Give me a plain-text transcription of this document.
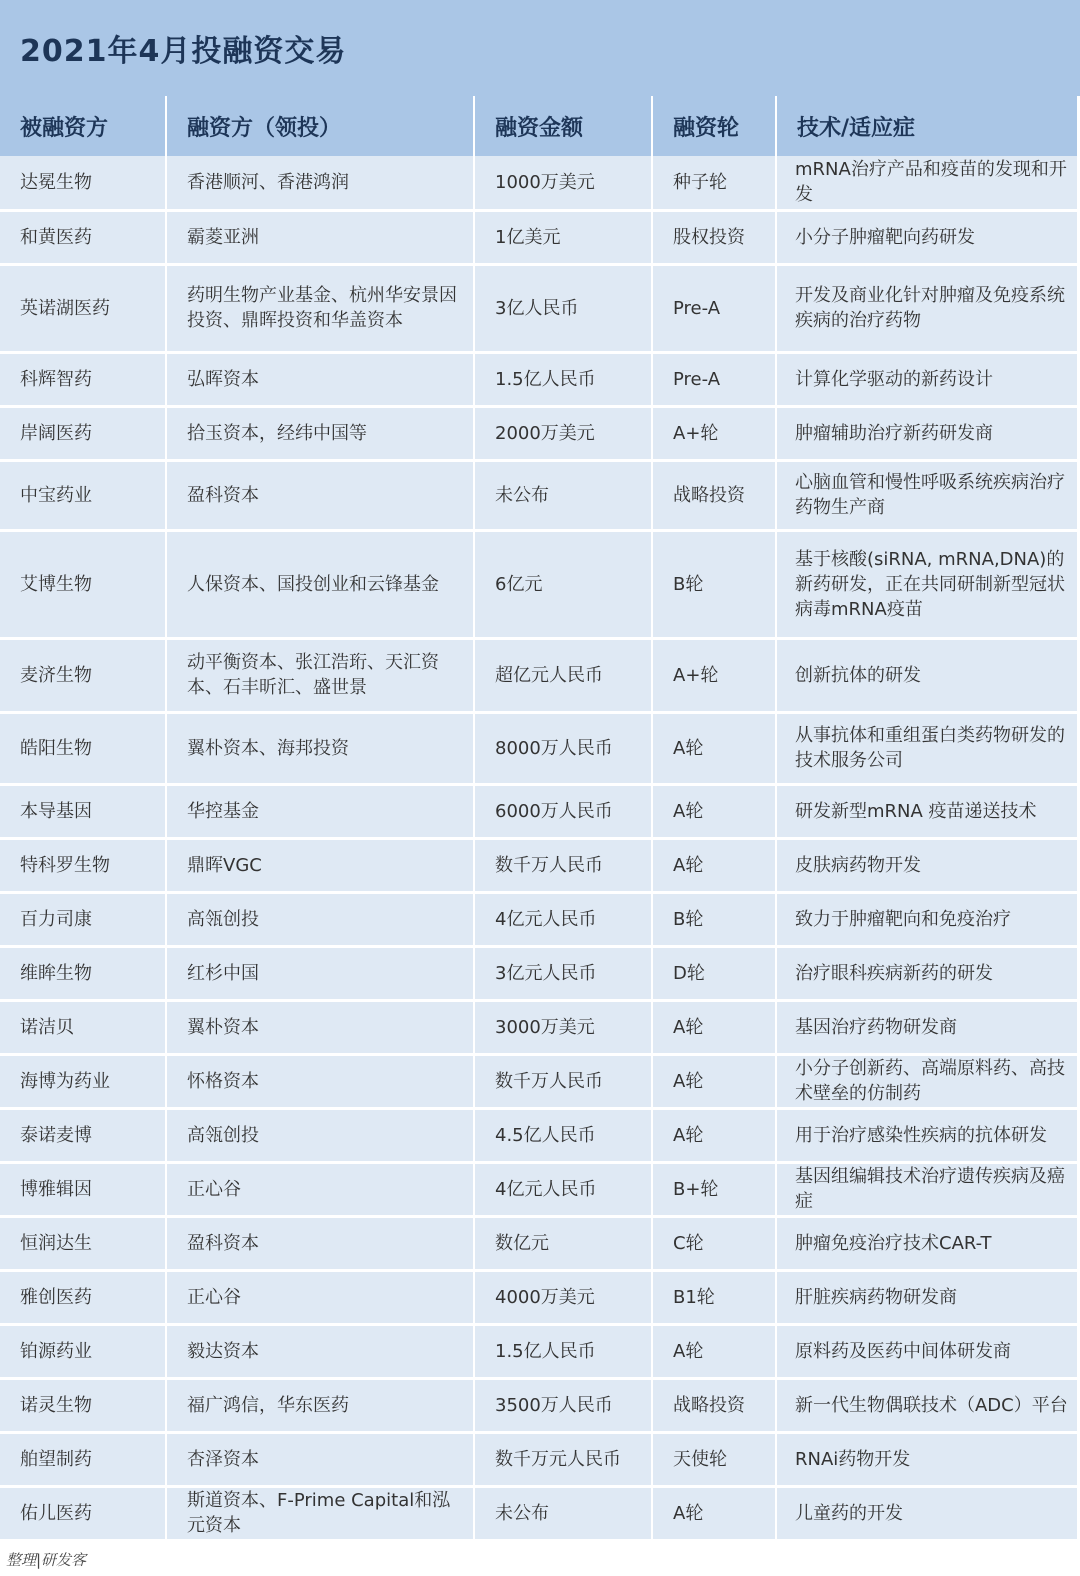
2021年4月投融资交易
被融资方	融资方（领投）	融资金额	融资轮	技术/适应症
达冕生物	香港顺河、香港鸿润	1000万美元	种子轮	mRNA治疗产品和疫苗的发现和开发
和黄医药	霸菱亚洲	1亿美元	股权投资	小分子肿瘤靶向药研发
英诺湖医药	药明生物产业基金、杭州华安景因投资、鼎晖投资和华盖资本	3亿人民币	Pre-A	开发及商业化针对肿瘤及免疫系统疾病的治疗药物
科辉智药	弘晖资本	1.5亿人民币	Pre-A	计算化学驱动的新药设计
岸阔医药	拾玉资本，经纬中国等	2000万美元	A+轮	肿瘤辅助治疗新药研发商
中宝药业	盈科资本	未公布	战略投资	心脑血管和慢性呼吸系统疾病治疗药物生产商
艾博生物	人保资本、国投创业和云锋基金	6亿元	B轮	基于核酸(siRNA, mRNA,DNA)的新药研发，正在共同研制新型冠状病毒mRNA疫苗
麦济生物	动平衡资本、张江浩珩、天汇资本、石丰昕汇、盛世景	超亿元人民币	A+轮	创新抗体的研发
皓阳生物	翼朴资本、海邦投资	8000万人民币	A轮	从事抗体和重组蛋白类药物研发的技术服务公司
本导基因	华控基金	6000万人民币	A轮	研发新型mRNA 疫苗递送技术
特科罗生物	鼎晖VGC	数千万人民币	A轮	皮肤病药物开发
百力司康	高瓴创投	4亿元人民币	B轮	致力于肿瘤靶向和免疫治疗
维眸生物	红杉中国	3亿元人民币	D轮	治疗眼科疾病新药的研发
诺洁贝	翼朴资本	3000万美元	A轮	基因治疗药物研发商
海博为药业	怀格资本	数千万人民币	A轮	小分子创新药、高端原料药、高技术壁垒的仿制药
泰诺麦博	高瓴创投	4.5亿人民币	A轮	用于治疗感染性疾病的抗体研发
博雅辑因	正心谷	4亿元人民币	B+轮	基因组编辑技术治疗遗传疾病及癌症
恒润达生	盈科资本	数亿元	C轮	肿瘤免疫治疗技术CAR-T
雅创医药	正心谷	4000万美元	B1轮	肝脏疾病药物研发商
铂源药业	毅达资本	1.5亿人民币	A轮	原料药及医药中间体研发商
诺灵生物	福广鸿信，华东医药	3500万人民币	战略投资	新一代生物偶联技术（ADC）平台
舶望制药	杏泽资本	数千万元人民币	天使轮	RNAi药物开发
佑儿医药	斯道资本、F-Prime Capital和泓元资本	未公布	A轮	儿童药的开发
整理|研发客
